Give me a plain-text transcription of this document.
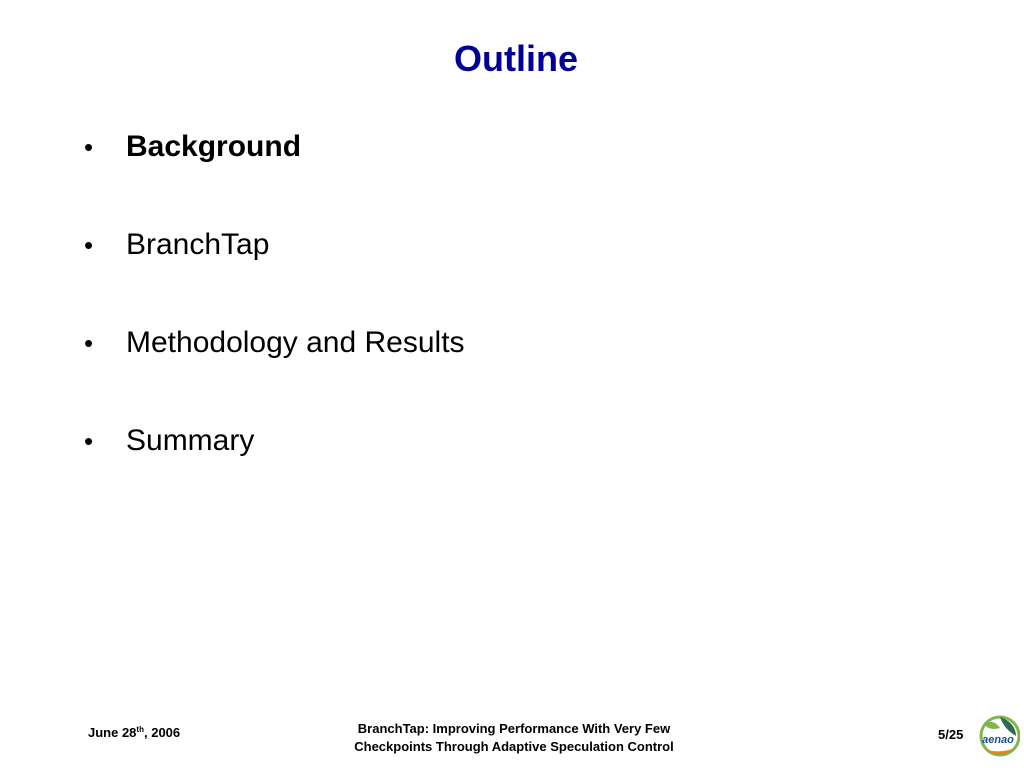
Outline
•	Background
•	BranchTap
•	Methodology and Results
•	Summary
June 28th, 2006	BranchTap: Improving Performance With Very Few
Checkpoints Through Adaptive Speculation Control
5/25 aenao
